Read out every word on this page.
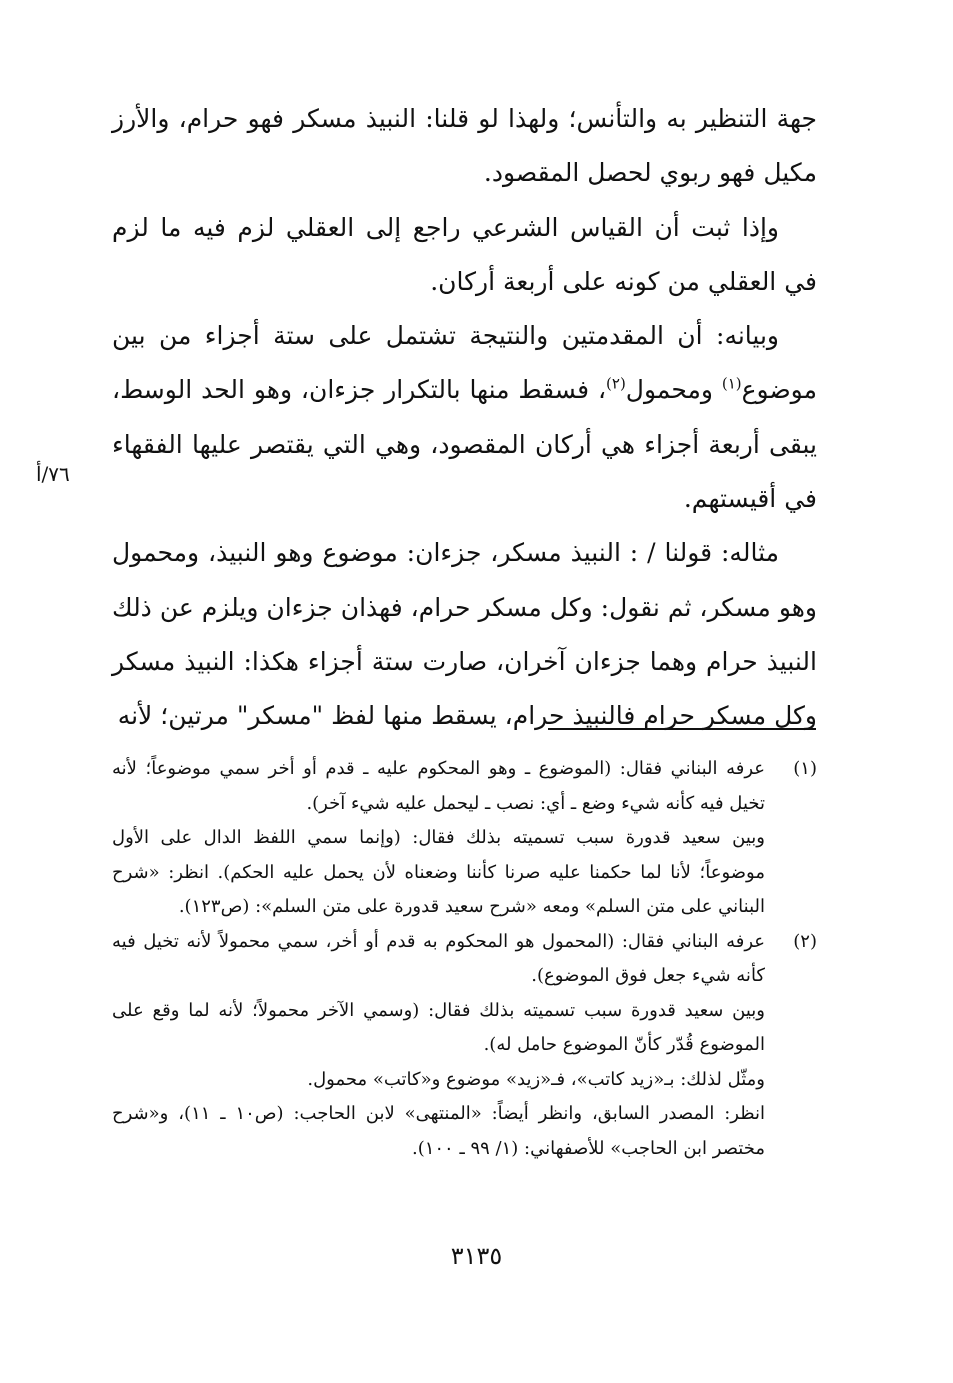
جهة التنظير به والتأنس؛ ولهذا لو قلنا: النبيذ مسكر فهو حرام، والأرز مكيل فهو ربوي لحصل المقصود.

وإذا ثبت أن القياس الشرعي راجع إلى العقلي لزم فيه ما لزم في العقلي من كونه على أربعة أركان.

وبيانه: أن المقدمتين والنتيجة تشتمل على ستة أجزاء من بين موضوع$^{(١)}$ ومحمول$^{(٢)}$، فسقط منها بالتكرار جزءان، وهو الحد الوسط، يبقى أربعة أجزاء هي أركان المقصود، وهي التي يقتصر عليها الفقهاء في أقيستهم.

مثاله: قولنا / : النبيذ مسكر، جزءان: موضوع وهو النبيذ، ومحمول وهو مسكر، ثم نقول: وكل مسكر حرام، فهذان جزءان ويلزم عن ذلك النبيذ حرام وهما جزءان آخران، صارت ستة أجزاء هكذا: النبيذ مسكر وكل مسكر حرام فالنبيذ حرام، يسقط منها لفظ "مسكر" مرتين؛ لأنه

٧٦/أ
(١)

عرفه البناني فقال: (الموضوع ـ وهو المحكوم عليه ـ قدم أو أخر سمي موضوعاً؛ لأنه تخيل فيه كأنه شيء وضع ـ أي: نصب ـ ليحمل عليه شيء آخر).

وبين سعيد قدورة سبب تسميته بذلك فقال: (وإنما سمي اللفظ الدال على الأول موضوعاً؛ لأنا لما حكمنا عليه صرنا كأننا وضعناه لأن يحمل عليه الحكم). انظر: «شرح البناني على متن السلم» ومعه «شرح سعيد قدورة على متن السلم»: (ص١٢٣).

(٢)

عرفه البناني فقال: (المحمول هو المحكوم به قدم أو أخر، سمي محمولاً لأنه تخيل فيه كأنه شيء جعل فوق الموضوع).

وبين سعيد قدورة سبب تسميته بذلك فقال: (وسمي الآخر محمولاً؛ لأنه لما وقع على الموضوع قُدّر كأنّ الموضوع حامل له).

ومثّل لذلك: بـ«زيد كاتب»، فـ«زيد» موضوع و«كاتب» محمول.

انظر: المصدر السابق، وانظر أيضاً: «المنتهى» لابن الحاجب: (ص١٠ ـ ١١)، و«شرح مختصر ابن الحاجب» للأصفهاني: (١/ ٩٩ ـ ١٠٠).

٣١٣٥
